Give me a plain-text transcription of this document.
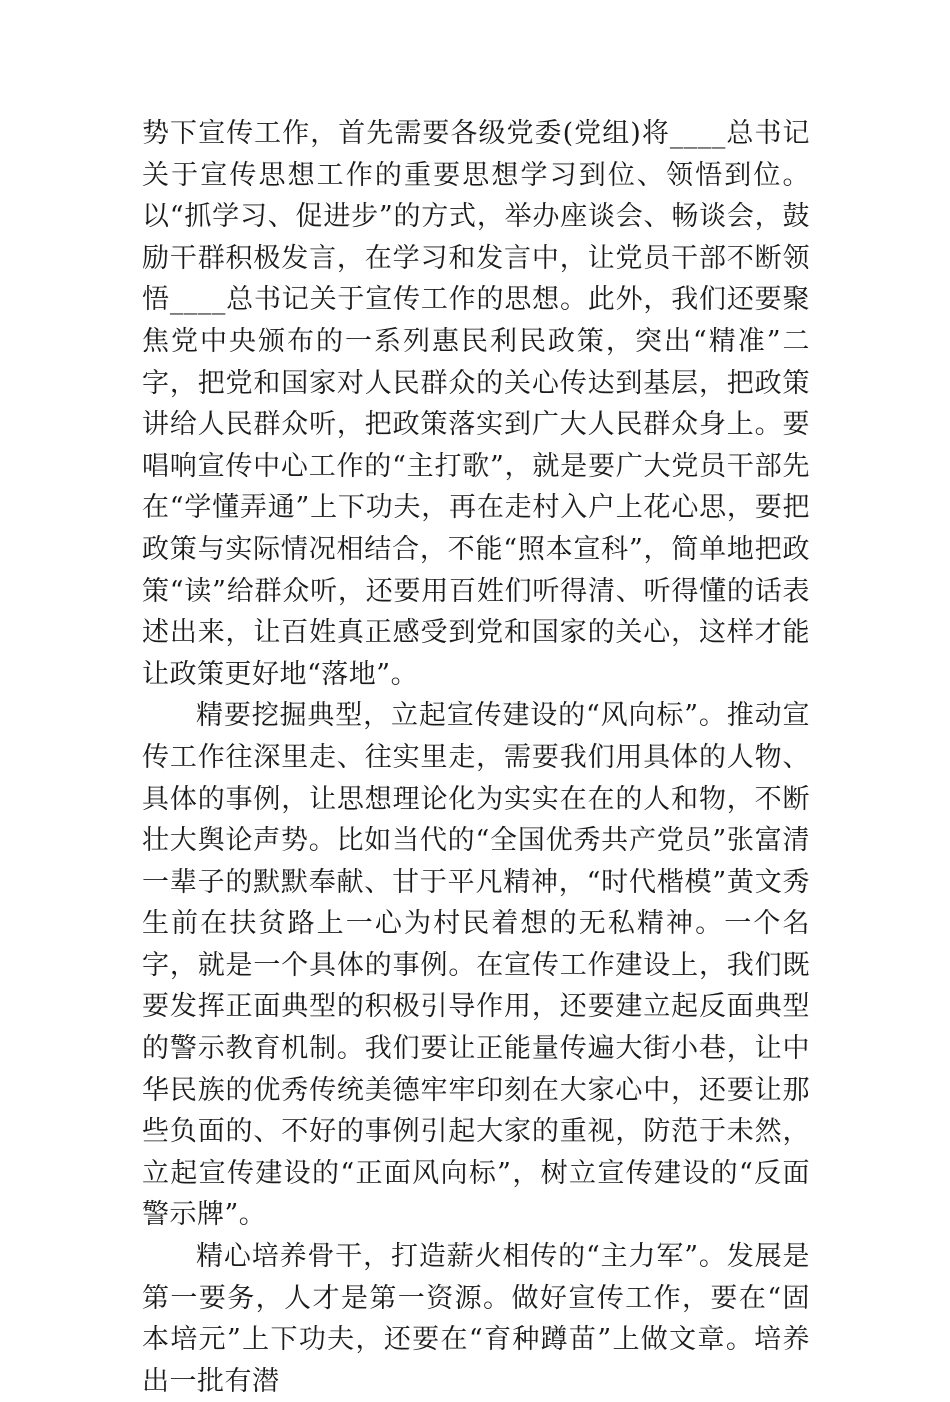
势下宣传工作，首先需要各级党委(党组)将____总书记关于宣传思想工作的重要思想学习到位、领悟到位。以“抓学习、促进步”的方式，举办座谈会、畅谈会，鼓励干群积极发言，在学习和发言中，让党员干部不断领悟____总书记关于宣传工作的思想。此外，我们还要聚焦党中央颁布的一系列惠民利民政策，突出“精准”二字，把党和国家对人民群众的关心传达到基层，把政策讲给人民群众听，把政策落实到广大人民群众身上。要唱响宣传中心工作的“主打歌”，就是要广大党员干部先在“学懂弄通”上下功夫，再在走村入户上花心思，要把政策与实际情况相结合，不能“照本宣科”，简单地把政策“读”给群众听，还要用百姓们听得清、听得懂的话表述出来，让百姓真正感受到党和国家的关心，这样才能让政策更好地“落地”。

精要挖掘典型，立起宣传建设的“风向标”。推动宣传工作往深里走、往实里走，需要我们用具体的人物、具体的事例，让思想理论化为实实在在的人和物，不断壮大舆论声势。比如当代的“全国优秀共产党员”张富清一辈子的默默奉献、甘于平凡精神，“时代楷模”黄文秀生前在扶贫路上一心为村民着想的无私精神。一个名字，就是一个具体的事例。在宣传工作建设上，我们既要发挥正面典型的积极引导作用，还要建立起反面典型的警示教育机制。我们要让正能量传遍大街小巷，让中华民族的优秀传统美德牢牢印刻在大家心中，还要让那些负面的、不好的事例引起大家的重视，防范于未然，立起宣传建设的“正面风向标”，树立宣传建设的“反面警示牌”。

精心培养骨干，打造薪火相传的“主力军”。发展是第一要务，人才是第一资源。做好宣传工作，要在“固本培元”上下功夫，还要在“育种蹲苗”上做文章。培养出一批有潜
